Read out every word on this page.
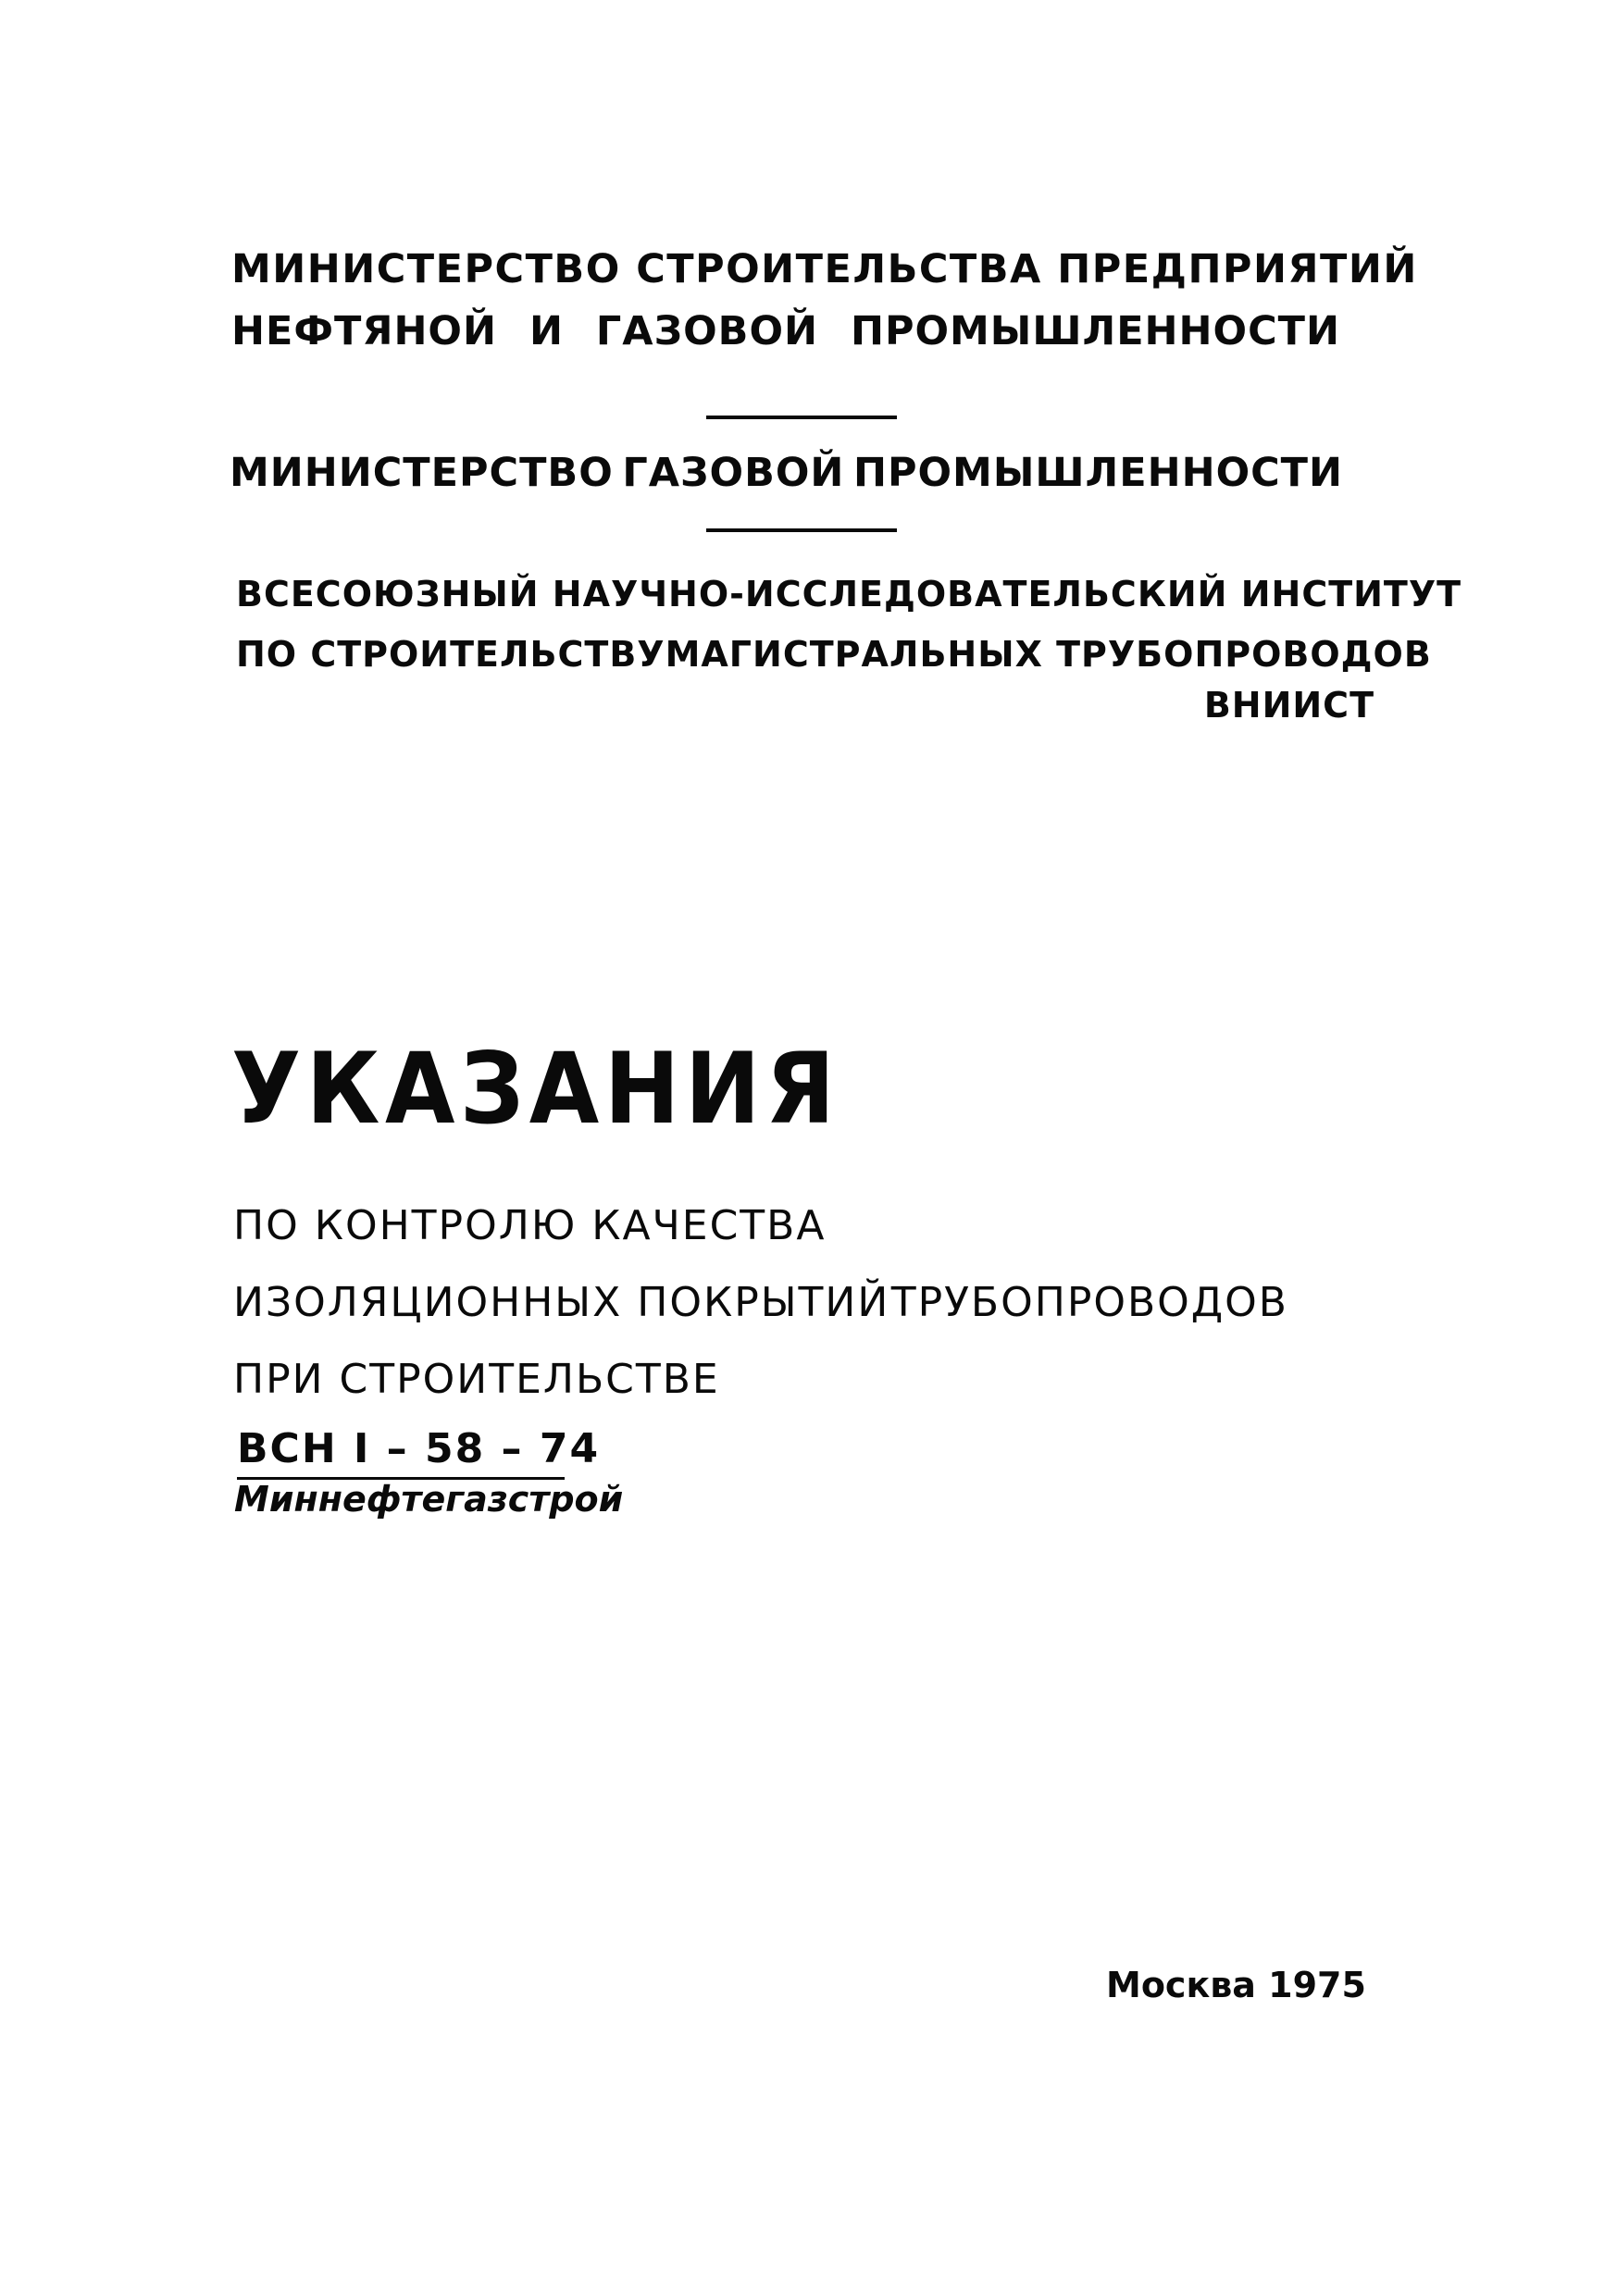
МИНИСТЕРСТВО СТРОИТЕЛЬСТВА ПРЕДПРИЯТИЙ
НЕФТЯНОЙ И ГАЗОВОЙ ПРОМЫШЛЕННОСТИ
МИНИСТЕРСТВО ГАЗОВОЙ ПРОМЫШЛЕННОСТИ
ВСЕСОЮЗНЫЙ НАУЧНО-ИССЛЕДОВАТЕЛЬСКИЙ ИНСТИТУТ
ПО СТРОИТЕЛЬСТВУ МАГИСТРАЛЬНЫХ ТРУБОПРОВОДОВ
ВНИИСТ
УКАЗАНИЯ
ПО КОНТРОЛЮ КАЧЕСТВА
ИЗОЛЯЦИОННЫХ ПОКРЫТИЙ ТРУБОПРОВОДОВ
ПРИ СТРОИТЕЛЬСТВЕ
ВСН І – 58 – 74
Миннефтегазстрой
Москва 1975
